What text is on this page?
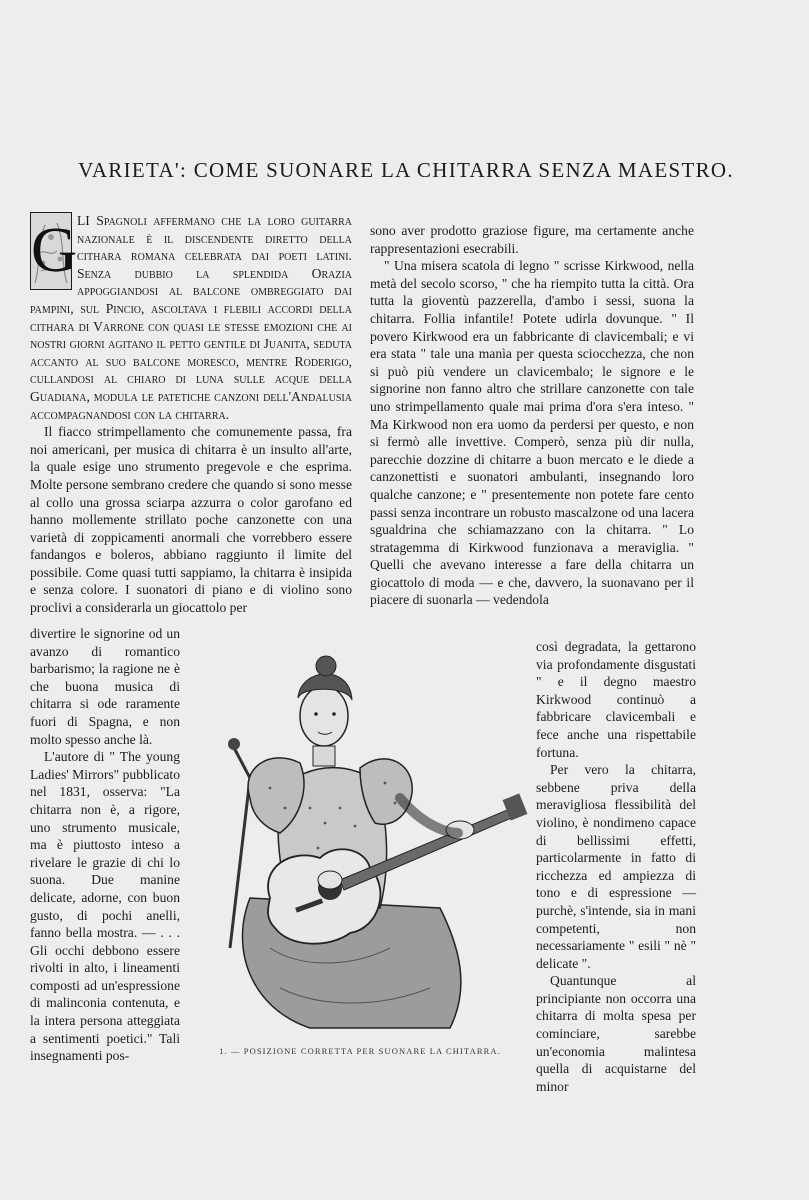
VARIETA': COME SUONARE LA CHITARRA SENZA MAESTRO.
G LI Spagnoli affermano che la loro guitarra nazionale è il discendente diretto della cithara romana celebrata dai poeti latini. Senza dubbio la splendida Orazia appoggiandosi al balcone ombreggiato dai pampini, sul Pincio, ascoltava i flebili accordi della cithara di Varrone con quasi le stesse emozioni che ai nostri giorni agitano il petto gentile di Juanita, seduta accanto al suo balcone moresco, mentre Roderigo, cullandosi al chiaro di luna sulle acque della Guadiana, modula le patetiche canzoni dell'Andalusia accompagnandosi con la chitarra.

Il fiacco strimpellamento che comunemente passa, fra noi americani, per musica di chitarra è un insulto all'arte, la quale esige uno strumento pregevole e che esprima. Molte persone sembrano credere che quando si sono messe al collo una grossa sciarpa azzurra o color garofano ed hanno mollemente strillato poche canzonette con una varietà di zoppicamenti anormali che vorrebbero essere fandangos e boleros, abbiano raggiunto il limite del possibile. Come quasi tutti sappiamo, la chitarra è insipida e senza colore. I suonatori di piano e di violino sono proclivi a considerarla un giocattolo per

divertire le signorine od un avanzo di romantico barbarismo; la ragione ne è che buona musica di chitarra si ode raramente fuori di Spagna, e non molto spesso anche là.

L'autore di " The young Ladies' Mirrors" pubblicato nel 1831, osserva: "La chitarra non è, a rigore, uno strumento musicale, ma è piuttosto inteso a rivelare le grazie di chi lo suona. Due manine delicate, adorne, con buon gusto, di pochi anelli, fanno bella mostra. — . . . Gli occhi debbono essere rivolti in alto, i lineamenti composti ad un'espressione di malinconia contenuta, e la intera persona atteggiata a sentimenti poetici." Tali insegnamenti pos-

sono aver prodotto graziose figure, ma certamente anche rappresentazioni esecrabili.

" Una misera scatola di legno " scrisse Kirkwood, nella metà del secolo scorso, " che ha riempito tutta la città. Ora tutta la gioventù pazzerella, d'ambo i sessi, suona la chitarra. Follia infantile! Potete udirla dovunque. " Il povero Kirkwood era un fabbricante di clavicembali; e vi era stata " tale una manìa per questa sciocchezza, che non si può più vendere un clavicembalo; le signore e le signorine non fanno altro che strillare canzonette con tale uno strimpellamento quale mai prima d'ora s'era inteso. " Ma Kirkwood non era uomo da perdersi per questo, e non si fermò alle invettive. Comperò, senza più dir nulla, parecchie dozzine di chitarre a buon mercato e le diede a canzonettisti e suonatori ambulanti, insegnando loro qualche canzone; e " presentemente non potete fare cento passi senza incontrare un robusto mascalzone od una lacera sgualdrina che schiamazzano con la chitarra. " Lo stratagemma di Kirkwood funzionava a meraviglia. " Quelli che avevano interesse a fare della chitarra un giocattolo di moda — e che, davvero, la suonavano per il piacere di suonarla — vedendola

così degradata, la gettarono via profondamente disgustati " e il degno maestro Kirkwood continuò a fabbricare clavicembali e fece anche una rispettabile fortuna.

Per vero la chitarra, sebbene priva della meravigliosa flessibilità del violino, è nondimeno capace di bellissimi effetti, particolarmente in fatto di ricchezza ed ampiezza di tono e di espressione — purchè, s'intende, sia in mani competenti, non necessariamente " esili " nè " delicate ".

Quantunque al principiante non occorra una chitarra di molta spesa per cominciare, sarebbe un'economia malintesa quella di acquistarne del minor

1. — POSIZIONE CORRETTA PER SUONARE LA CHITARRA.
